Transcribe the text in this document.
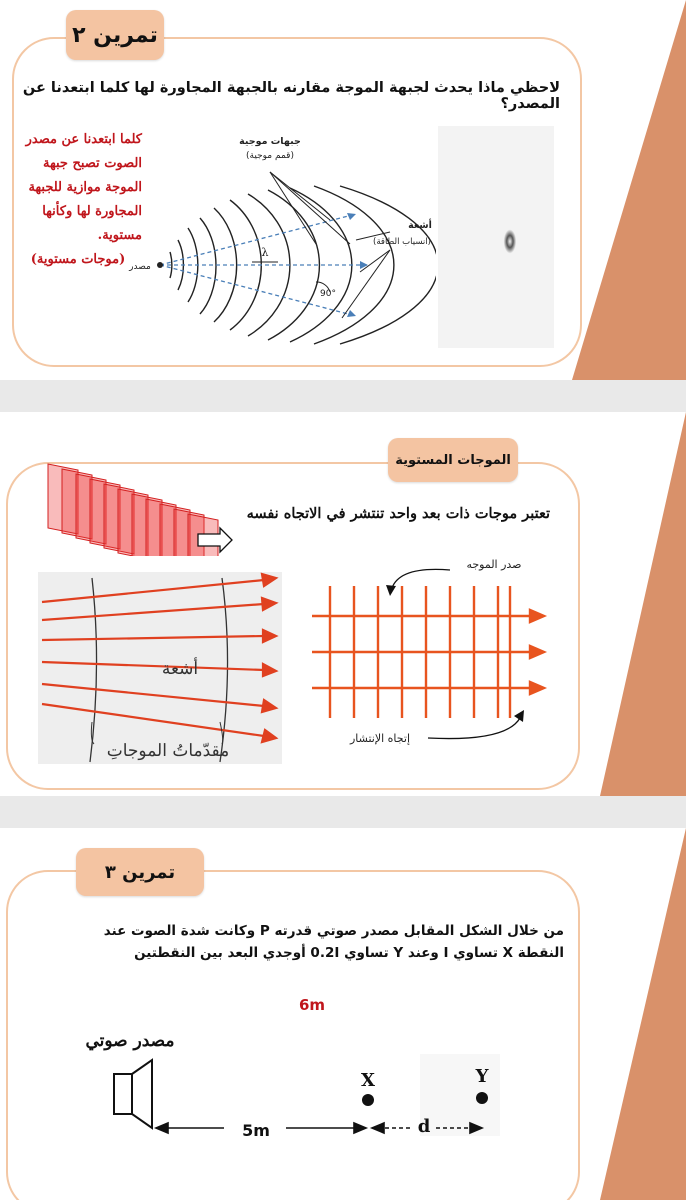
تمرين ٢
لاحظي ماذا يحدث لجبهة الموجة مقارنه بالجبهة المجاورة لها كلما ابتعدنا عن المصدر؟
كلما ابتعدنا عن مصدر
الصوت تصبح جبهة
الموجة موازية للجبهة
المجاورة لها وكأنها
مستوية.
(موجات مستوية)
جبهات موجية
(قمم موجية)
أشعة
(انسياب الطاقة)
مصدر
λ
90°
الموجات المستوية
تعتبر موجات ذات بعد واحد تنتشر في الاتجاه نفسه
أشعة
مقدّماتُ الموجاتِ
صدر الموجه
إتجاه الإنتشار
تمرين ٣
من خلال الشكل المقابل مصدر صوتي قدرته P وكانت شدة الصوت عند
النقطة X تساوي I وعند Y تساوي 0.2I أوجدي البعد بين النقطتين
6m
مصدر صوتي
X	Y
5m	d
